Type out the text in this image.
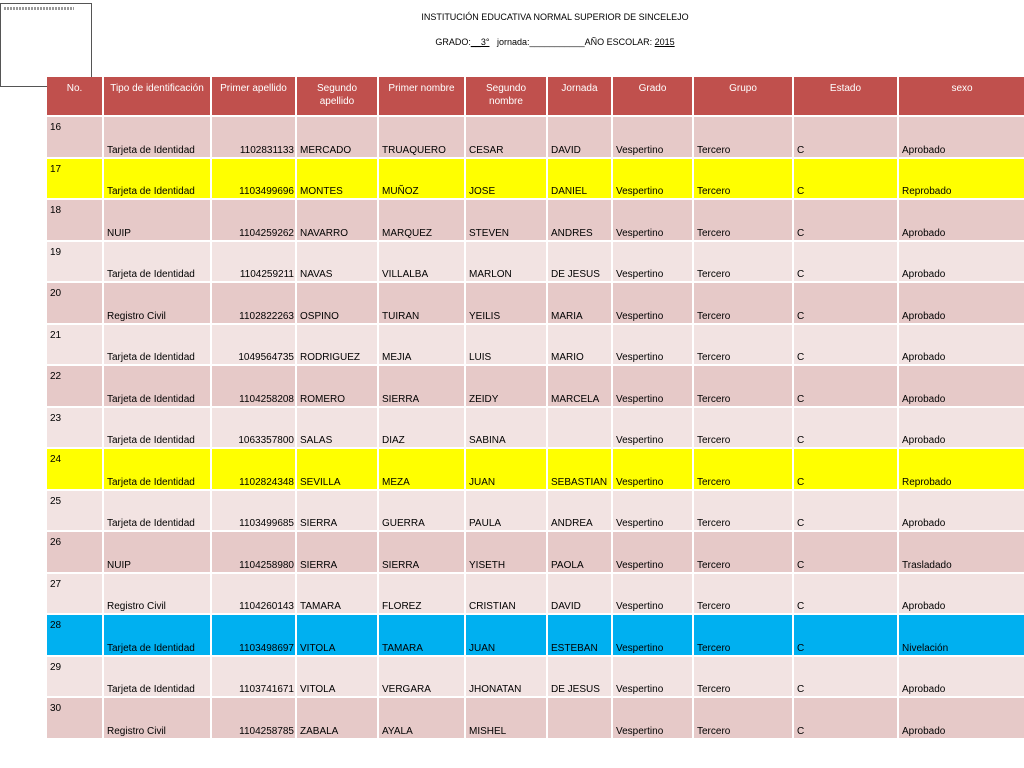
INSTITUCIÓN EDUCATIVA NORMAL SUPERIOR DE SINCELEJO
GRADO:__3° jornada:___________AÑO ESCOLAR: 2015
No.	Tipo de identificación	Primer apellido	Segundo apellido	Primer nombre	Segundo nombre	Jornada	Grado	Grupo	Estado	sexo
16	Tarjeta de Identidad	1102831133	MERCADO	TRUAQUERO	CESAR	DAVID	Vespertino	Tercero	C	Aprobado
17	Tarjeta de Identidad	1103499696	MONTES	MUÑOZ	JOSE	DANIEL	Vespertino	Tercero	C	Reprobado
18	NUIP	1104259262	NAVARRO	MARQUEZ	STEVEN	ANDRES	Vespertino	Tercero	C	Aprobado
19	Tarjeta de Identidad	1104259211	NAVAS	VILLALBA	MARLON	DE JESUS	Vespertino	Tercero	C	Aprobado
20	Registro Civil	1102822263	OSPINO	TUIRAN	YEILIS	MARIA	Vespertino	Tercero	C	Aprobado
21	Tarjeta de Identidad	1049564735	RODRIGUEZ	MEJIA	LUIS	MARIO	Vespertino	Tercero	C	Aprobado
22	Tarjeta de Identidad	1104258208	ROMERO	SIERRA	ZEIDY	MARCELA	Vespertino	Tercero	C	Aprobado
23	Tarjeta de Identidad	1063357800	SALAS	DIAZ	SABINA		Vespertino	Tercero	C	Aprobado
24	Tarjeta de Identidad	1102824348	SEVILLA	MEZA	JUAN	SEBASTIAN	Vespertino	Tercero	C	Reprobado
25	Tarjeta de Identidad	1103499685	SIERRA	GUERRA	PAULA	ANDREA	Vespertino	Tercero	C	Aprobado
26	NUIP	1104258980	SIERRA	SIERRA	YISETH	PAOLA	Vespertino	Tercero	C	Trasladado
27	Registro Civil	1104260143	TAMARA	FLOREZ	CRISTIAN	DAVID	Vespertino	Tercero	C	Aprobado
28	Tarjeta de Identidad	1103498697	VITOLA	TAMARA	JUAN	ESTEBAN	Vespertino	Tercero	C	Nivelación
29	Tarjeta de Identidad	1103741671	VITOLA	VERGARA	JHONATAN	DE JESUS	Vespertino	Tercero	C	Aprobado
30	Registro Civil	1104258785	ZABALA	AYALA	MISHEL		Vespertino	Tercero	C	Aprobado
